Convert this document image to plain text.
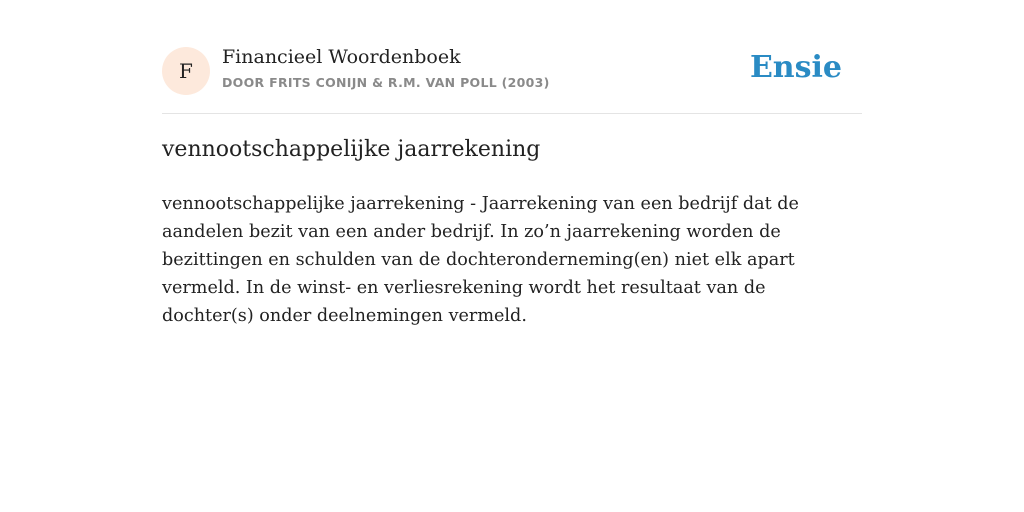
F
Financieel Woordenboek
DOOR FRITS CONIJN & R.M. VAN POLL (2003)	Ensie
vennootschappelijke jaarrekening

vennootschappelijke jaarrekening - Jaarrekening van een bedrijf dat de aandelen bezit van een ander bedrijf. In zo’n jaarrekening worden de bezittingen en schulden van de dochteronderneming(en) niet elk apart vermeld. In de winst- en verliesrekening wordt het resultaat van de dochter(s) onder deelnemingen vermeld.
